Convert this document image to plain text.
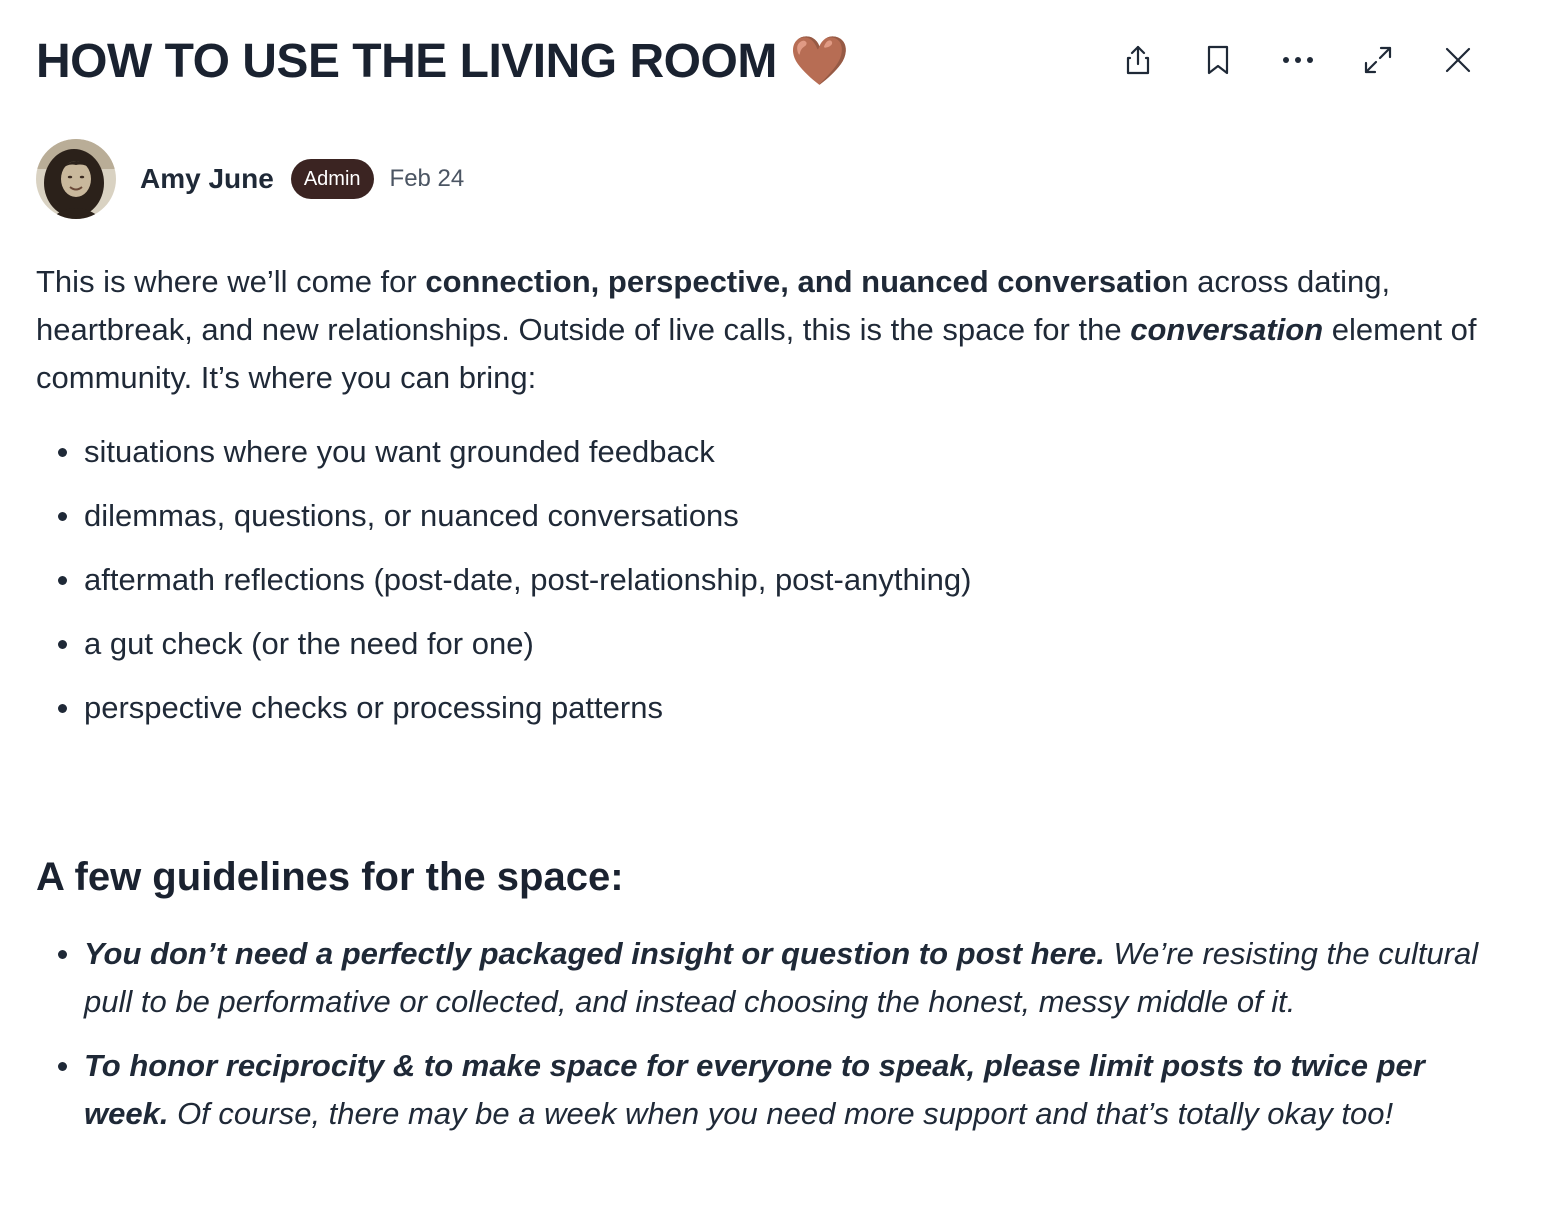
HOW TO USE THE LIVING ROOM 🤎
Amy June	Admin	Feb 24

This is where we’ll come for connection, perspective, and nuanced conversation across dating, heartbreak, and new relationships. Outside of live calls, this is the space for the conversation element of community. It’s where you can bring:

situations where you want grounded feedback
dilemmas, questions, or nuanced conversations
aftermath reflections (post-date, post-relationship, post-anything)
a gut check (or the need for one)
perspective checks or processing patterns
A few guidelines for the space:
You don’t need a perfectly packaged insight or question to post here. We’re resisting the cultural pull to be performative or collected, and instead choosing the honest, messy middle of it.
To honor reciprocity & to make space for everyone to speak, please limit posts to twice per week. Of course, there may be a week when you need more support and that’s totally okay too!
